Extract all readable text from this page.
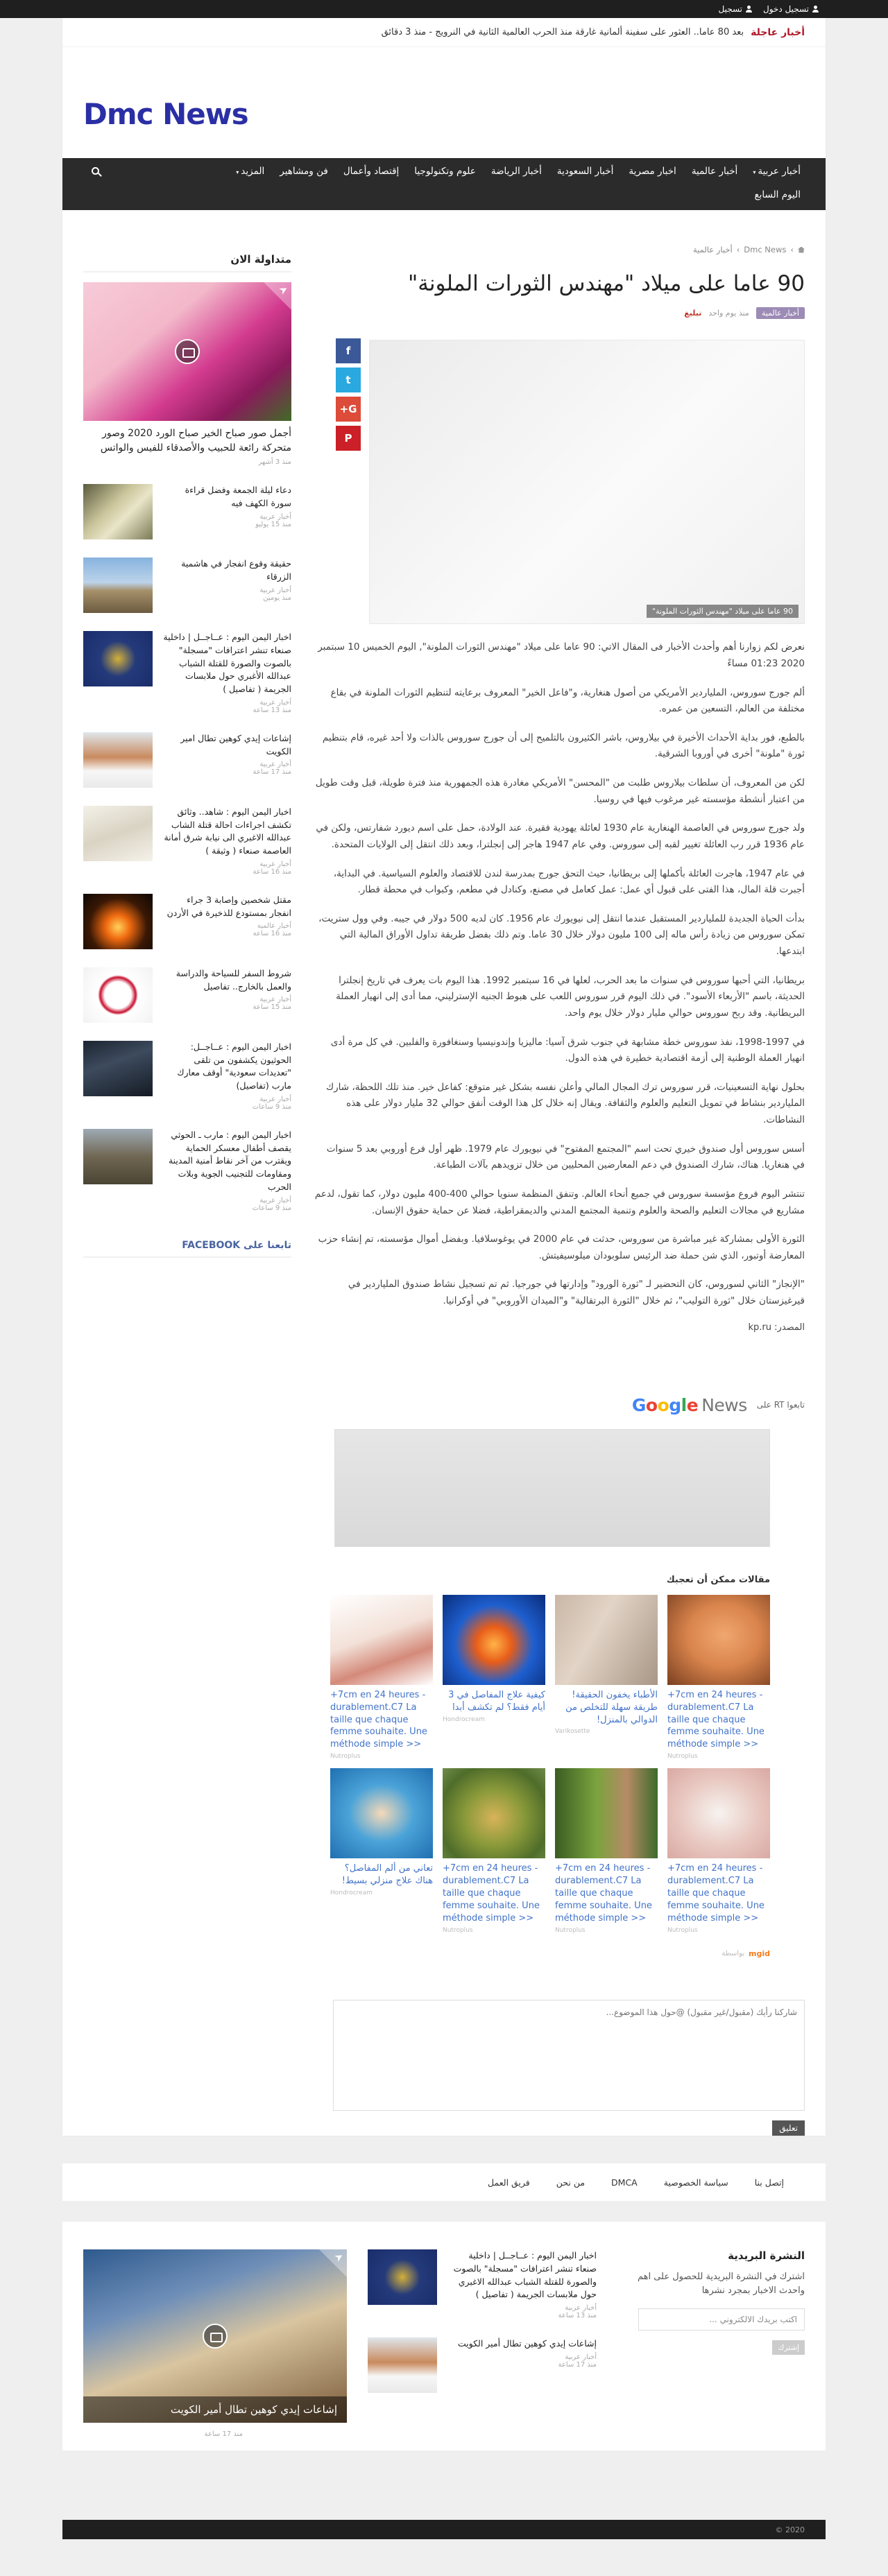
تسجيل دخول
تسجيل
أخبار عاجلة
بعد 80 عاما.. العثور على سفينة ألمانية غارقة منذ الحرب العالمية الثانية في النرويج - منذ 3 دقائق
Dmc News
أخبار عربية▾
أخبار عالمية
اخبار مصرية
أخبار السعودية
أخبار الرياضة
علوم وتكنولوجيا
إقتصاد وأعمال
فن ومشاهير
المزيد▾
اليوم السابع
›
Dmc News
›
أخبار عالمية
90 عاما على ميلاد "مهندس الثورات الملونة"
أخبار عالمية
منذ يوم واحد
تبليغ
90 عاما على ميلاد "مهندس الثورات الملونة"
f
t
G+
P

نعرض لكم زوارنا أهم وأحدث الأخبار فى المقال الاتي: 90 عاما على ميلاد "مهندس الثورات الملونة", اليوم الخميس 10 سبتمبر 2020 01:23 مساءً

ألم جورج سوروس، الملياردير الأمريكي من أصول هنغارية، و"فاعل الخير" المعروف برعايته لتنظيم الثورات الملونة في بقاع مختلفة من العالم، التسعين من عمره.

بالطبع، فور بداية الأحداث الأخيرة في بيلاروس، باشر الكثيرون بالتلميح إلى أن جورج سوروس بالذات ولا أحد غيره، قام بتنظيم ثورة "ملونة" أخرى في أوروبا الشرقية.

لكن من المعروف، أن سلطات بيلاروس طلبت من "المحسن" الأمريكي مغادرة هذه الجمهورية منذ فترة طويلة، قبل وقت طويل من اعتبار أنشطة مؤسسته غير مرغوب فيها في روسيا.

ولد جورج سوروس في العاصمة الهنغارية عام 1930 لعائلة يهودية فقيرة. عند الولادة، حمل على اسم ديورد شفارتس، ولكن في عام 1936 قرر رب العائلة تغيير لقبه إلى سوروس. وفي عام 1947 هاجر إلى إنجلترا، وبعد ذلك انتقل إلى الولايات المتحدة.

في عام 1947، هاجرت العائلة بأكملها إلى بريطانيا، حيث التحق جورج بمدرسة لندن للاقتصاد والعلوم السياسية. في البداية، أجبرت قلة المال، هذا الفتى على قبول أي عمل: عمل كعامل في مصنع، وكنادل في مطعم، وكبواب في محطة قطار.

بدأت الحياة الجديدة للملياردير المستقبل عندما انتقل إلى نيويورك عام 1956. كان لديه 500 دولار في جيبه. وفي وول ستريت، تمكن سوروس من زيادة رأس ماله إلى 100 مليون دولار خلال 30 عاما. وتم ذلك بفضل طريقة تداول الأوراق المالية التي ابتدعها.

بريطانيا، التي أحبها سوروس في سنوات ما بعد الحرب، لعلها في 16 سبتمبر 1992. هذا اليوم بات يعرف في تاريخ إنجلترا الحديثة، باسم "الأربعاء الأسود". في ذلك اليوم قرر سوروس اللعب على هبوط الجنيه الإسترليني، مما أدى إلى انهيار العملة البريطانية. وقد ربح سوروس حوالي مليار دولار خلال يوم واحد.

في 1997-1998، نفذ سوروس خطة مشابهة في جنوب شرق آسيا: ماليزيا وإندونيسيا وسنغافورة والفلبين. في كل مرة أدى انهيار العملة الوطنية إلى أزمة اقتصادية خطيرة في هذه الدول.

بحلول نهاية التسعينيات، قرر سوروس ترك المجال المالي وأعلن نفسه بشكل غير متوقع: كفاعل خير. منذ تلك اللحظة، شارك الملياردير بنشاط في تمويل التعليم والعلوم والثقافة. ويقال إنه خلال كل هذا الوقت أنفق حوالي 32 مليار دولار على هذه النشاطات.

أسس سوروس أول صندوق خيري تحت اسم "المجتمع المفتوح" في نيويورك عام 1979. ظهر أول فرع أوروبي بعد 5 سنوات في هنغاريا. هناك، شارك الصندوق في دعم المعارضين المحليين من خلال تزويدهم بآلات الطباعة.

تنتشر اليوم فروع مؤسسة سوروس في جميع أنحاء العالم. وتنفق المنظمة سنويا حوالي 400-400 مليون دولار، كما تقول، لدعم مشاريع في مجالات التعليم والصحة والعلوم وتنمية المجتمع المدني والديمقراطية، فضلا عن حماية حقوق الإنسان.

الثورة الأولى بمشاركة غير مباشرة من سوروس، حدثت في عام 2000 في يوغوسلافيا. وبفضل أموال مؤسسته، تم إنشاء حزب المعارضة أوتبور، الذي شن حملة ضد الرئيس سلوبودان ميلوسيفيتش.

"الإنجاز" الثاني لسوروس، كان التحضير لـ "ثورة الورود" وإدارتها في جورجيا. ثم تم تسجيل نشاط صندوق الملياردير في قيرغيزستان خلال "ثورة التوليب"، ثم خلال "الثورة البرتقالية" و"الميدان الأوروبي" في أوكرانيا.

المصدر: kp.ru
تابعوا RT على
Google News
مقالات ممكن أن تعجبك
+7cm en 24 heures - durablement.C7 La taille que chaque femme souhaite. Une méthode simple >>
Nutroplus
الأطباء يخفون الحقيقة! طريقة سهلة للتخلص من الدوالي بالمنزل!
Varikosette
كيفية علاج المفاصل في 3 أيام فقط؟ لم تكشف أبدا
Hondrocream
+7cm en 24 heures - durablement.C7 La taille que chaque femme souhaite. Une méthode simple >>
Nutroplus
+7cm en 24 heures - durablement.C7 La taille que chaque femme souhaite. Une méthode simple >>
Nutroplus
+7cm en 24 heures - durablement.C7 La taille que chaque femme souhaite. Une méthode simple >>
Nutroplus
+7cm en 24 heures - durablement.C7 La taille que chaque femme souhaite. Une méthode simple >>
Nutroplus
تعاني من ألم المفاصل؟ هناك علاج منزلي بسيط!
Hondrocream
mgid
بواسطة
شاركنا رأيك (مقبول/غير مقبول) @حول هذا الموضوع...
تعليق
متداولة الان
أجمل صور صباح الخير صباح الورد 2020 وصور متحركة رائعة للحبيب والأصدقاء للفيس والواتس
منذ 3 أشهر
دعاء ليلة الجمعة وفضل قراءة سورة الكهف فيه
أخبار عربية
منذ 15 يوليو
حقيقة وقوع انفجار في هاشمية الزرقاء
أخبار عربية
منذ يومين
اخبار اليمن اليوم : عــاجــل | داخلية صنعاء تنشر اعترافات "مسجلة" بالصوت والصورة للقتلة الشباب عبدالله الأغبري حول ملابسات الجريمة ( تفاصيل )
أخبار عربية
منذ 13 ساعة
إشاعات إيدي كوهين تطال امير الكويت
أخبار عربية
منذ 17 ساعة
اخبار اليمن اليوم : شاهد.. وثائق تكشف اجراءات احالة قتلة الشاب عبدالله الاغبري الى نيابة شرق أمانة العاصمة صنعاء ( وثيقة )
أخبار عربية
منذ 16 ساعة
مقتل شخصين وإصابة 3 جراء انفجار بمستودع للذخيرة في الأردن
أخبار عالمية
منذ 16 ساعة
شروط السفر للسياحة والدراسة والعمل بالخارج.. تفاصيل
أخبار عربية
منذ 15 ساعة
اخبار اليمن اليوم : عــاجــل: الحوثيون يكشفون من تلقى "تعديدات سعودية" أوقف معارك مارب (تفاصيل)
أخبار عربية
منذ 9 ساعات
اخبار اليمن اليوم : مارب ـ الحوثي يقصف أطفال معسكر الحماية ويقترب من آخر نقاط أمنية المدينة ومقاومات للتجنيب الجوية وبلات الحرب
أخبار عربية
منذ 9 ساعات
تابعنا على FACEBOOK
إتصل بنا
سياسة الخصوصية
DMCA
من نحن
فريق العمل
النشرة البريدية

اشترك في النشرة البريدية للحصول على اهم واحدث الاخبار بمجرد نشرها

اكتب بريدك الالكتروني ...
إشترك
اخبار اليمن اليوم : عــاجــل | داخلية صنعاء تنشر اعترافات "مسجلة" بالصوت والصورة للقتلة الشباب عبدالله الاغبري حول ملابسات الجريمة ( تفاصيل )
أخبار عربية
منذ 13 ساعة
إشاعات إيدي كوهين تطال أمير الكويت
أخبار عربية
منذ 17 ساعة
إشاعات إيدي كوهين تطال أمير الكويت
منذ 17 ساعة
© 2020
